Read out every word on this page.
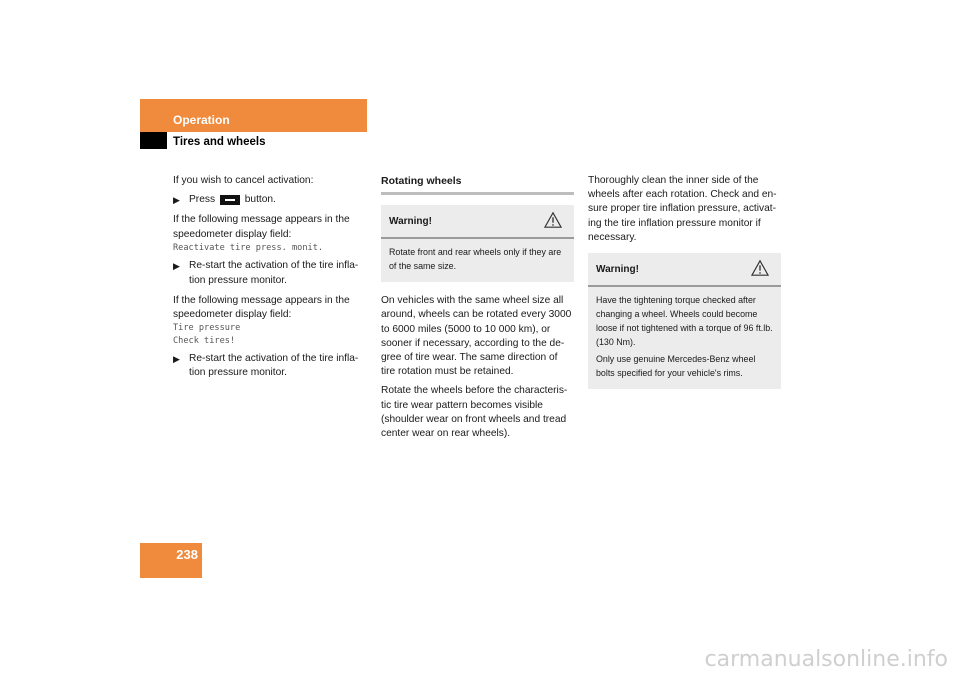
Operation
Tires and wheels

If you wish to cancel activation:

▶ Press	button.

If the following message appears in the speedometer display field:
Reactivate tire press. monit.

▶ Re-start the activation of the tire infla-tion pressure monitor.

If the following message appears in the speedometer display field:
Tire pressure
Check tires!

▶ Re-start the activation of the tire infla-tion pressure monitor.
Rotating wheels
Warning!

Rotate front and rear wheels only if they are of the same size.

On vehicles with the same wheel size all around, wheels can be rotated every 3000 to 6000 miles (5000 to 10 000 km), or sooner if necessary, according to the de-gree of tire wear. The same direction of tire rotation must be retained.

Rotate the wheels before the characteris-tic tire wear pattern becomes visible (shoulder wear on front wheels and tread center wear on rear wheels).

Thoroughly clean the inner side of the wheels after each rotation. Check and en-sure proper tire inflation pressure, activat-ing the tire inflation pressure monitor if necessary.

Warning!

Have the tightening torque checked after changing a wheel. Wheels could become loose if not tightened with a torque of 96 ft.lb. (130 Nm).

Only use genuine Mercedes-Benz wheel bolts specified for your vehicle's rims.

238
carmanualsonline.info
